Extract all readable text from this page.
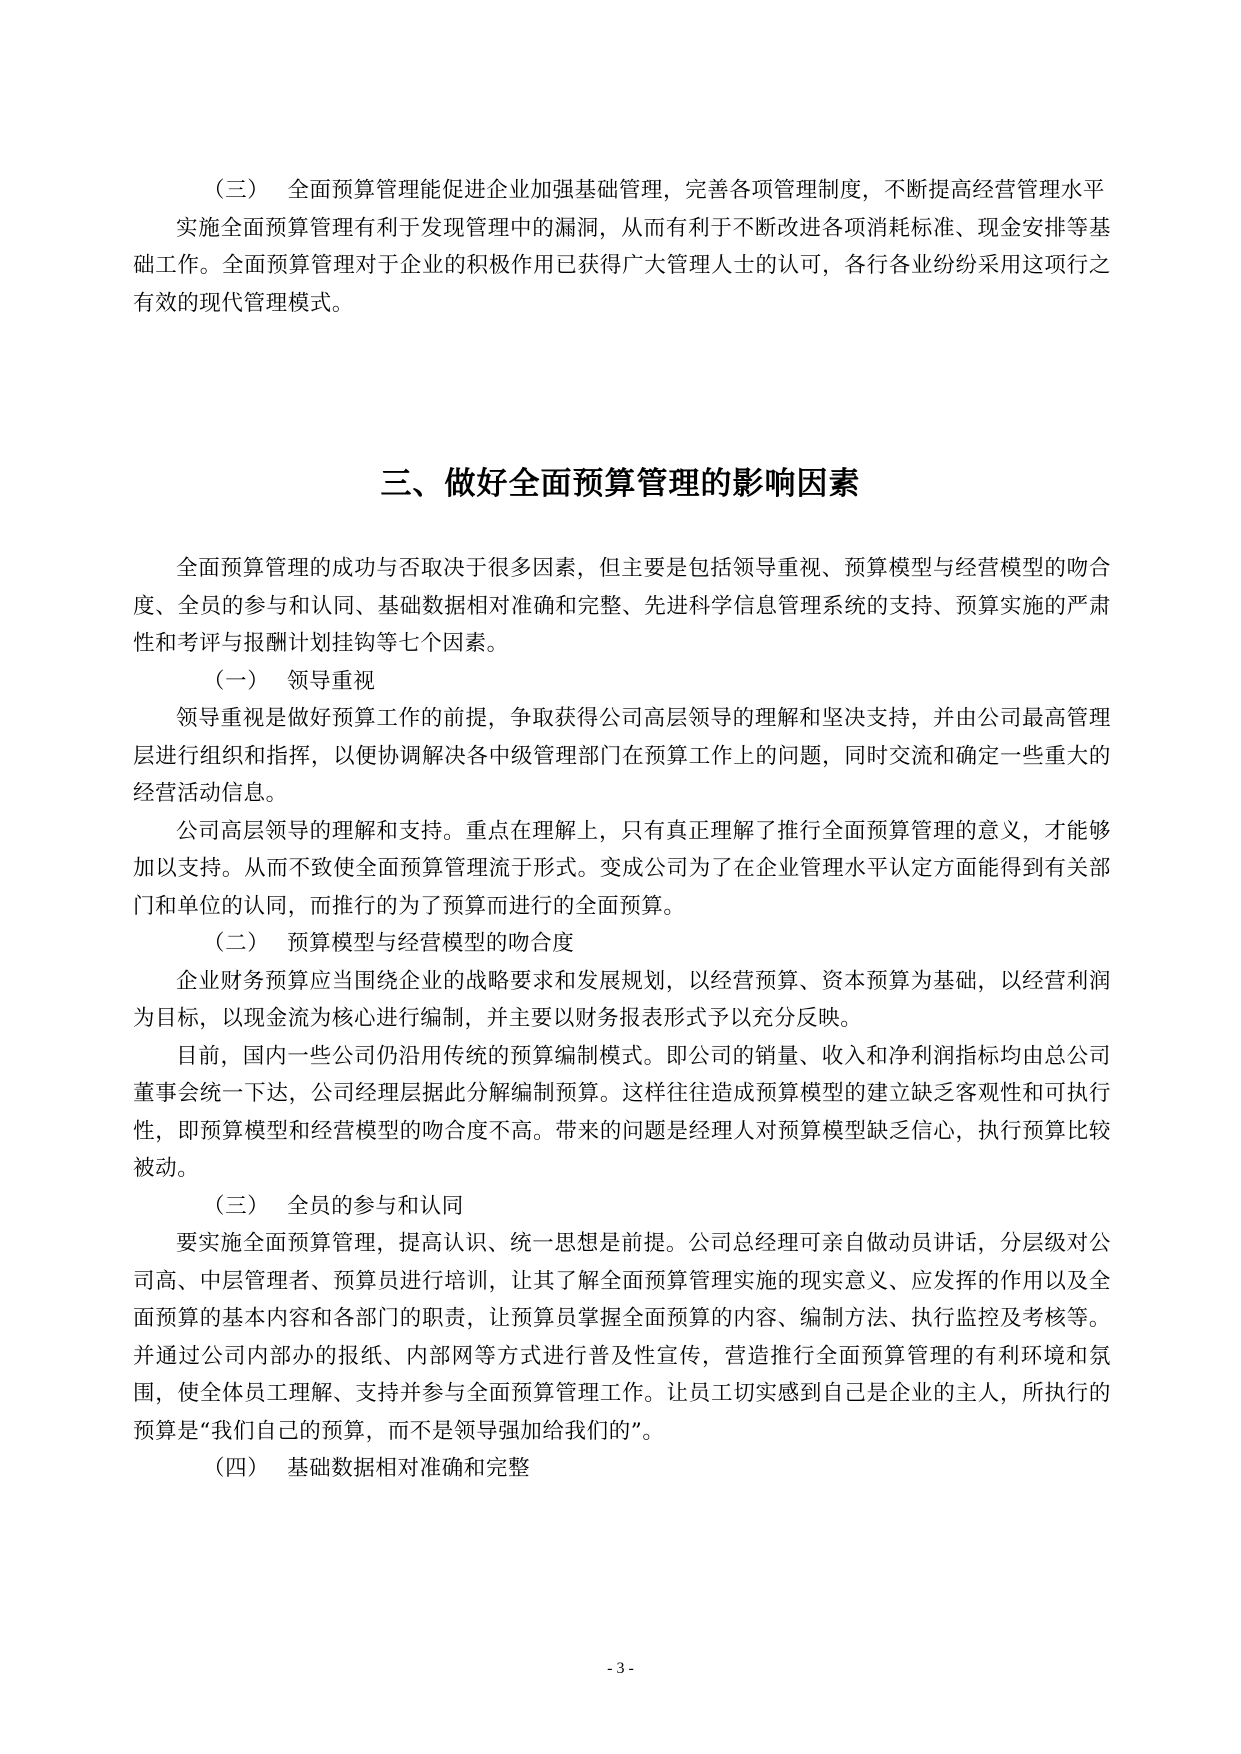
（三） 全面预算管理能促进企业加强基础管理，完善各项管理制度，不断提高经营管理水平

实施全面预算管理有利于发现管理中的漏洞，从而有利于不断改进各项消耗标准、现金安排等基础工作。全面预算管理对于企业的积极作用已获得广大管理人士的认可，各行各业纷纷采用这项行之有效的现代管理模式。

三、做好全面预算管理的影响因素

全面预算管理的成功与否取决于很多因素，但主要是包括领导重视、预算模型与经营模型的吻合度、全员的参与和认同、基础数据相对准确和完整、先进科学信息管理系统的支持、预算实施的严肃性和考评与报酬计划挂钩等七个因素。

（一） 领导重视

领导重视是做好预算工作的前提，争取获得公司高层领导的理解和坚决支持，并由公司最高管理层进行组织和指挥，以便协调解决各中级管理部门在预算工作上的问题，同时交流和确定一些重大的经营活动信息。

公司高层领导的理解和支持。重点在理解上，只有真正理解了推行全面预算管理的意义，才能够加以支持。从而不致使全面预算管理流于形式。变成公司为了在企业管理水平认定方面能得到有关部门和单位的认同，而推行的为了预算而进行的全面预算。

（二） 预算模型与经营模型的吻合度

企业财务预算应当围绕企业的战略要求和发展规划，以经营预算、资本预算为基础，以经营利润为目标，以现金流为核心进行编制，并主要以财务报表形式予以充分反映。

目前，国内一些公司仍沿用传统的预算编制模式。即公司的销量、收入和净利润指标均由总公司董事会统一下达，公司经理层据此分解编制预算。这样往往造成预算模型的建立缺乏客观性和可执行性，即预算模型和经营模型的吻合度不高。带来的问题是经理人对预算模型缺乏信心，执行预算比较被动。

（三） 全员的参与和认同

要实施全面预算管理，提高认识、统一思想是前提。公司总经理可亲自做动员讲话，分层级对公司高、中层管理者、预算员进行培训，让其了解全面预算管理实施的现实意义、应发挥的作用以及全面预算的基本内容和各部门的职责，让预算员掌握全面预算的内容、编制方法、执行监控及考核等。并通过公司内部办的报纸、内部网等方式进行普及性宣传，营造推行全面预算管理的有利环境和氛围，使全体员工理解、支持并参与全面预算管理工作。让员工切实感到自己是企业的主人，所执行的预算是“我们自己的预算，而不是领导强加给我们的”。

（四） 基础数据相对准确和完整

- 3 -
